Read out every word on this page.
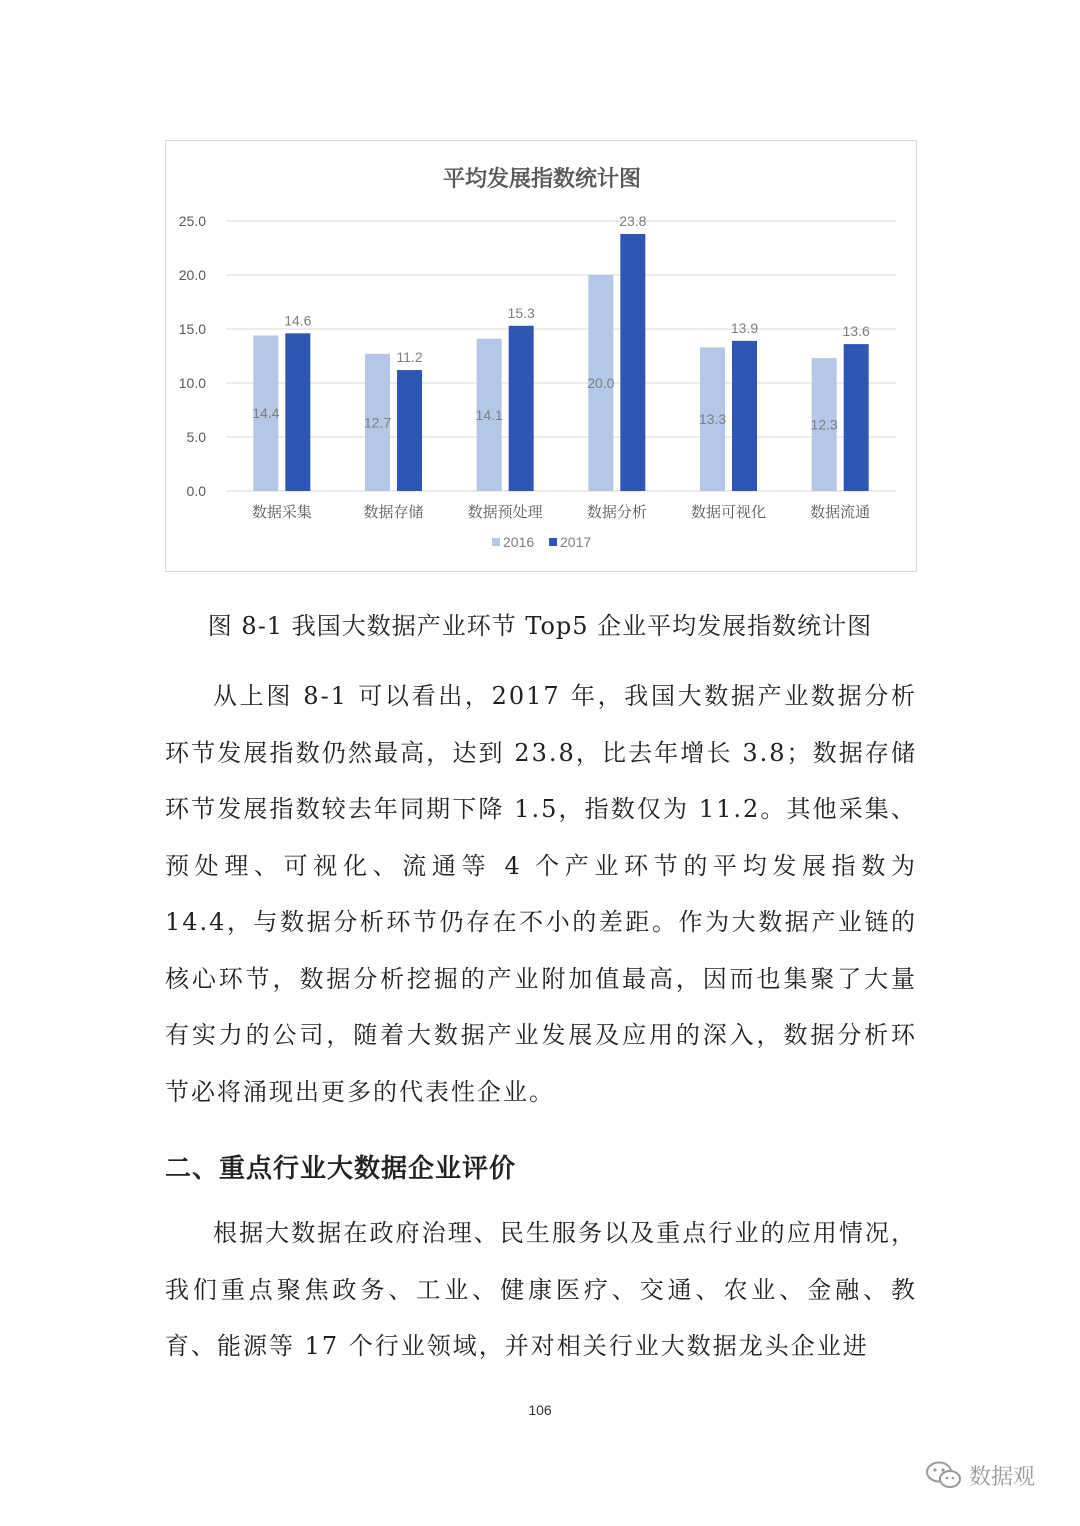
平均发展指数统计图
0.0
5.0
10.0
15.0
20.0
25.0
14.4
14.6
数据采集
12.7
11.2
数据存储
14.1
15.3
数据预处理
20.0
23.8
数据分析
13.3
13.9
数据可视化
12.3
13.6
数据流通
2016 2017
图 8-1 我国大数据产业环节 Top5 企业平均发展指数统计图

从上图 8-1 可以看出，2017 年，我国大数据产业数据分析环节发展指数仍然最高，达到 23.8，比去年增长 3.8；数据存储环节发展指数较去年同期下降 1.5，指数仅为 11.2。其他采集、预处理、可视化、流通等 4 个产业环节的平均发展指数为 14.4，与数据分析环节仍存在不小的差距。作为大数据产业链的核心环节，数据分析挖掘的产业附加值最高，因而也集聚了大量有实力的公司，随着大数据产业发展及应用的深入，数据分析环节必将涌现出更多的代表性企业。

二、重点行业大数据企业评价

根据大数据在政府治理、民生服务以及重点行业的应用情况，我们重点聚焦政务、工业、健康医疗、交通、农业、金融、教育、能源等 17 个行业领域，并对相关行业大数据龙头企业进

106
数据观
